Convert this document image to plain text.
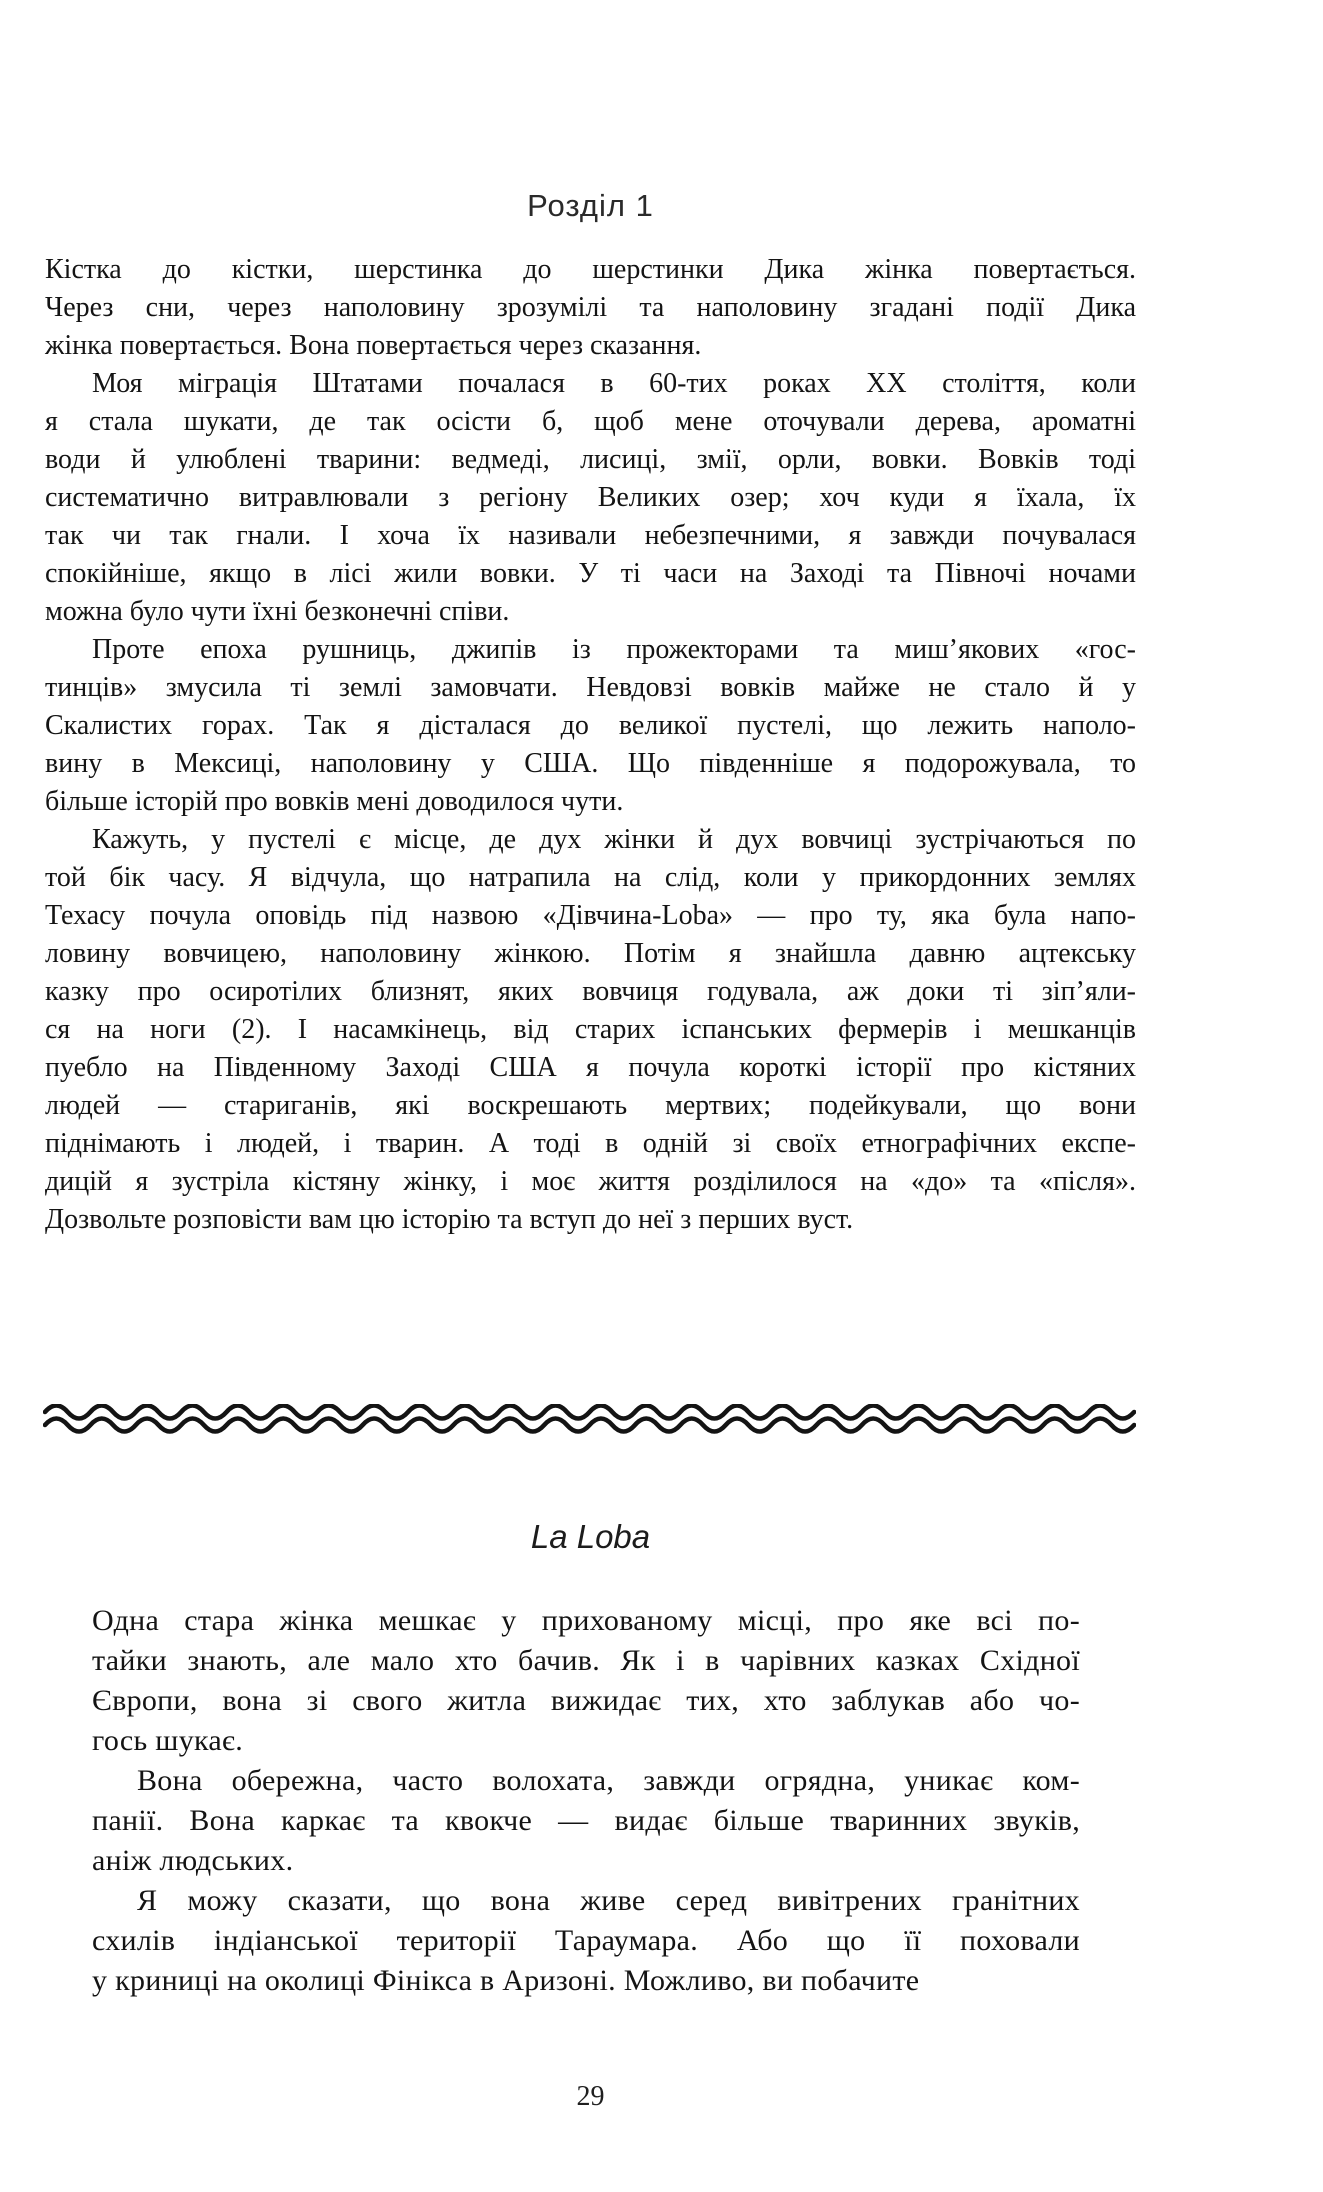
Розділ 1
Кістка до кістки, шерстинка до шерстинки Дика жінка повертається.
Через сни, через наполовину зрозумілі та наполовину згадані події Дика
жінка повертається. Вона повертається через сказання.
Моя міграція Штатами почалася в 60-тих роках XX століття, коли
я стала шукати, де так осісти б, щоб мене оточували дерева, ароматні
води й улюблені тварини: ведмеді, лисиці, змії, орли, вовки. Вовків тоді
систематично витравлювали з регіону Великих озер; хоч куди я їхала, їх
так чи так гнали. І хоча їх називали небезпечними, я завжди почувалася
спокійніше, якщо в лісі жили вовки. У ті часи на Заході та Півночі ночами
можна було чути їхні безконечні співи.
Проте епоха рушниць, джипів із прожекторами та миш’якових «гос-
тинців» змусила ті землі замовчати. Невдовзі вовків майже не стало й у
Скалистих горах. Так я дісталася до великої пустелі, що лежить наполо-
вину в Мексиці, наполовину у США. Що південніше я подорожувала, то
більше історій про вовків мені доводилося чути.
Кажуть, у пустелі є місце, де дух жінки й дух вовчиці зустрічаються по
той бік часу. Я відчула, що натрапила на слід, коли у прикордонних землях
Техасу почула оповідь під назвою «Дівчина-Loba» — про ту, яка була напо-
ловину вовчицею, наполовину жінкою. Потім я знайшла давню ацтекську
казку про осиротілих близнят, яких вовчиця годувала, аж доки ті зіп’яли-
ся на ноги (2). І насамкінець, від старих іспанських фермерів і мешканців
пуебло на Південному Заході США я почула короткі історії про кістяних
людей — стариганів, які воскрешають мертвих; подейкували, що вони
піднімають і людей, і тварин. А тоді в одній зі своїх етнографічних експе-
дицій я зустріла кістяну жінку, і моє життя розділилося на «до» та «після».
Дозвольте розповісти вам цю історію та вступ до неї з перших вуст.
La Loba
Одна стара жінка мешкає у прихованому місці, про яке всі по-
тайки знають, але мало хто бачив. Як і в чарівних казках Східної
Європи, вона зі свого житла вижидає тих, хто заблукав або чо-
гось шукає.
Вона обережна, часто волохата, завжди огрядна, уникає ком-
панії. Вона каркає та квокче — видає більше тваринних звуків,
аніж людських.
Я можу сказати, що вона живе серед вивітрених гранітних
схилів індіанської території Тараумара. Або що її поховали
у криниці на околиці Фінікса в Аризоні. Можливо, ви побачите
29
